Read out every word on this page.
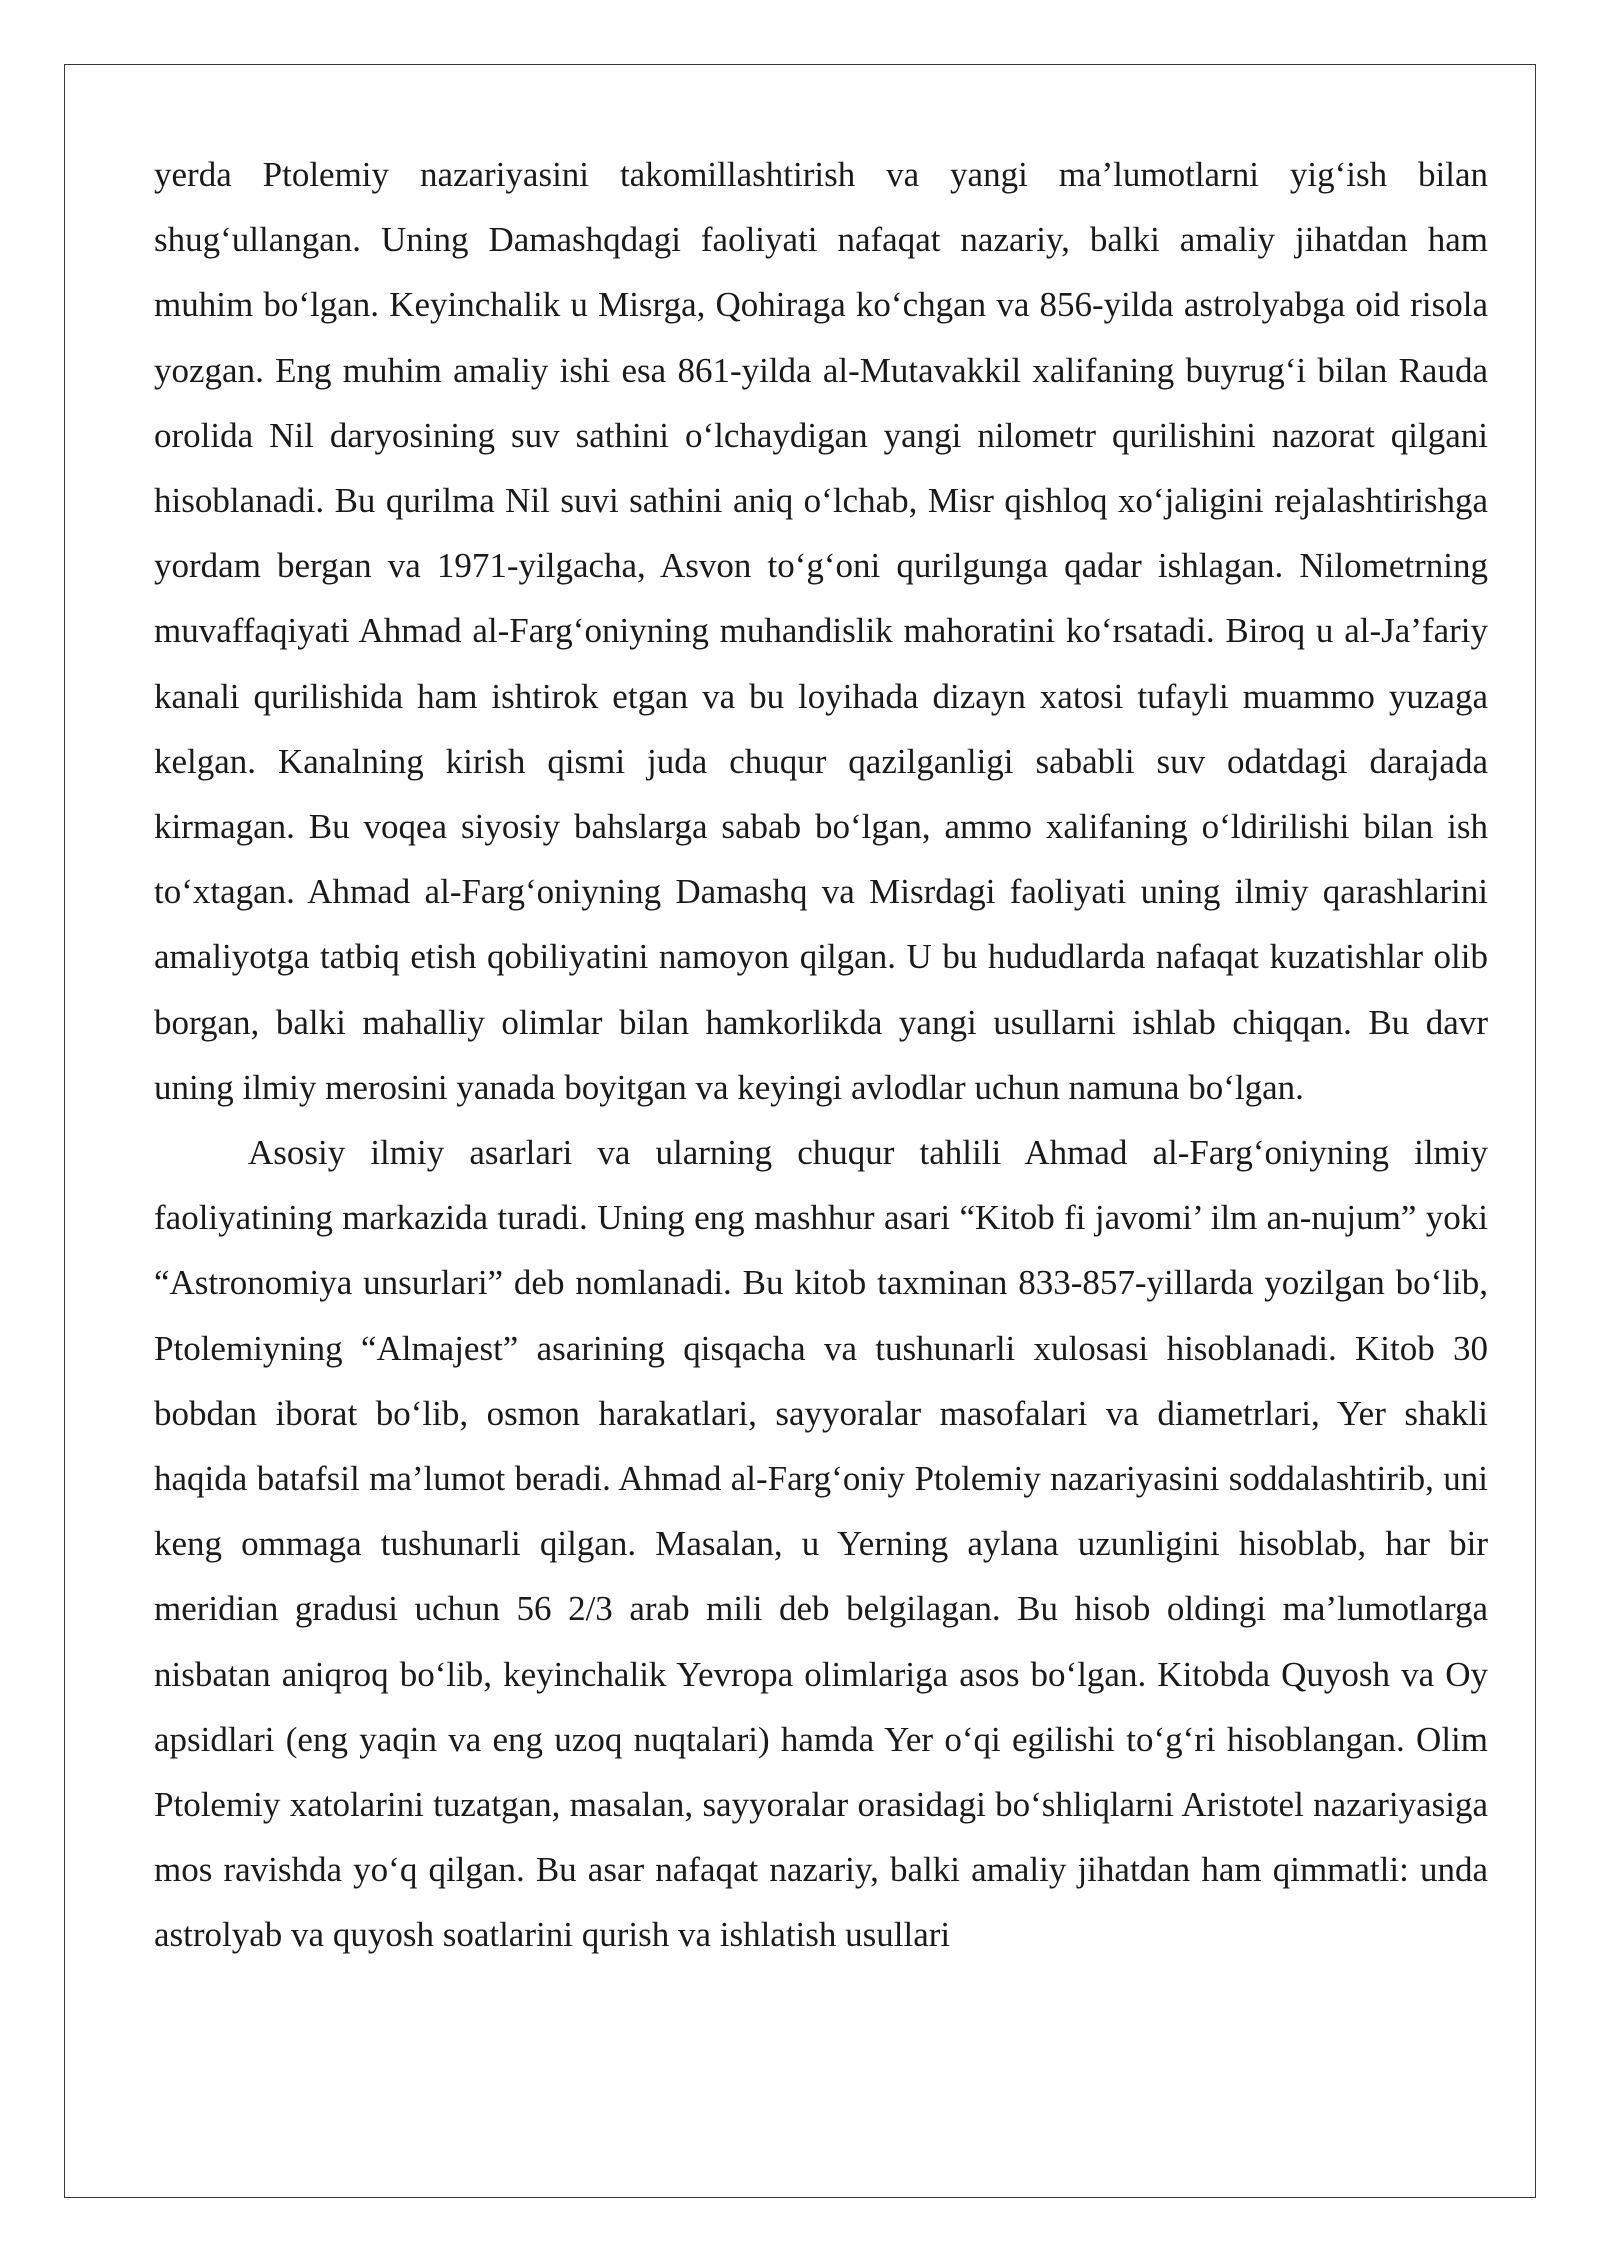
yerda Ptolemiy nazariyasini takomillashtirish va yangi ma’lumotlarni yig‘ish bilan shug‘ullangan. Uning Damashqdagi faoliyati nafaqat nazariy, balki amaliy jihatdan ham muhim bo‘lgan. Keyinchalik u Misrga, Qohiraga ko‘chgan va 856-yilda astrolyabga oid risola yozgan. Eng muhim amaliy ishi esa 861-yilda al-Mutavakkil xalifaning buyrug‘i bilan Rauda orolida Nil daryosining suv sathini o‘lchaydigan yangi nilometr qurilishini nazorat qilgani hisoblanadi. Bu qurilma Nil suvi sathini aniq o‘lchab, Misr qishloq xo‘jaligini rejalashtirishga yordam bergan va 1971-yilgacha, Asvon to‘g‘oni qurilgunga qadar ishlagan. Nilometrning muvaffaqiyati Ahmad al-Farg‘oniyning muhandislik mahoratini ko‘rsatadi. Biroq u al-Ja’fariy kanali qurilishida ham ishtirok etgan va bu loyihada dizayn xatosi tufayli muammo yuzaga kelgan. Kanalning kirish qismi juda chuqur qazilganligi sababli suv odatdagi darajada kirmagan. Bu voqea siyosiy bahslarga sabab bo‘lgan, ammo xalifaning o‘ldirilishi bilan ish to‘xtagan. Ahmad al-Farg‘oniyning Damashq va Misrdagi faoliyati uning ilmiy qarashlarini amaliyotga tatbiq etish qobiliyatini namoyon qilgan. U bu hududlarda nafaqat kuzatishlar olib borgan, balki mahalliy olimlar bilan hamkorlikda yangi usullarni ishlab chiqqan. Bu davr uning ilmiy merosini yanada boyitgan va keyingi avlodlar uchun namuna bo‘lgan.

Asosiy ilmiy asarlari va ularning chuqur tahlili Ahmad al-Farg‘oniyning ilmiy faoliyatining markazida turadi. Uning eng mashhur asari “Kitob fi javomi’ ilm an-nujum” yoki “Astronomiya unsurlari” deb nomlanadi. Bu kitob taxminan 833-857-yillarda yozilgan bo‘lib, Ptolemiyning “Almajest” asarining qisqacha va tushunarli xulosasi hisoblanadi. Kitob 30 bobdan iborat bo‘lib, osmon harakatlari, sayyoralar masofalari va diametrlari, Yer shakli haqida batafsil ma’lumot beradi. Ahmad al-Farg‘oniy Ptolemiy nazariyasini soddalashtirib, uni keng ommaga tushunarli qilgan. Masalan, u Yerning aylana uzunligini hisoblab, har bir meridian gradusi uchun 56 2/3 arab mili deb belgilagan. Bu hisob oldingi ma’lumotlarga nisbatan aniqroq bo‘lib, keyinchalik Yevropa olimlariga asos bo‘lgan. Kitobda Quyosh va Oy apsidlari (eng yaqin va eng uzoq nuqtalari) hamda Yer o‘qi egilishi to‘g‘ri hisoblangan. Olim Ptolemiy xatolarini tuzatgan, masalan, sayyoralar orasidagi bo‘shliqlarni Aristotel nazariyasiga mos ravishda yo‘q qilgan. Bu asar nafaqat nazariy, balki amaliy jihatdan ham qimmatli: unda astrolyab va quyosh soatlarini qurish va ishlatish usullari
